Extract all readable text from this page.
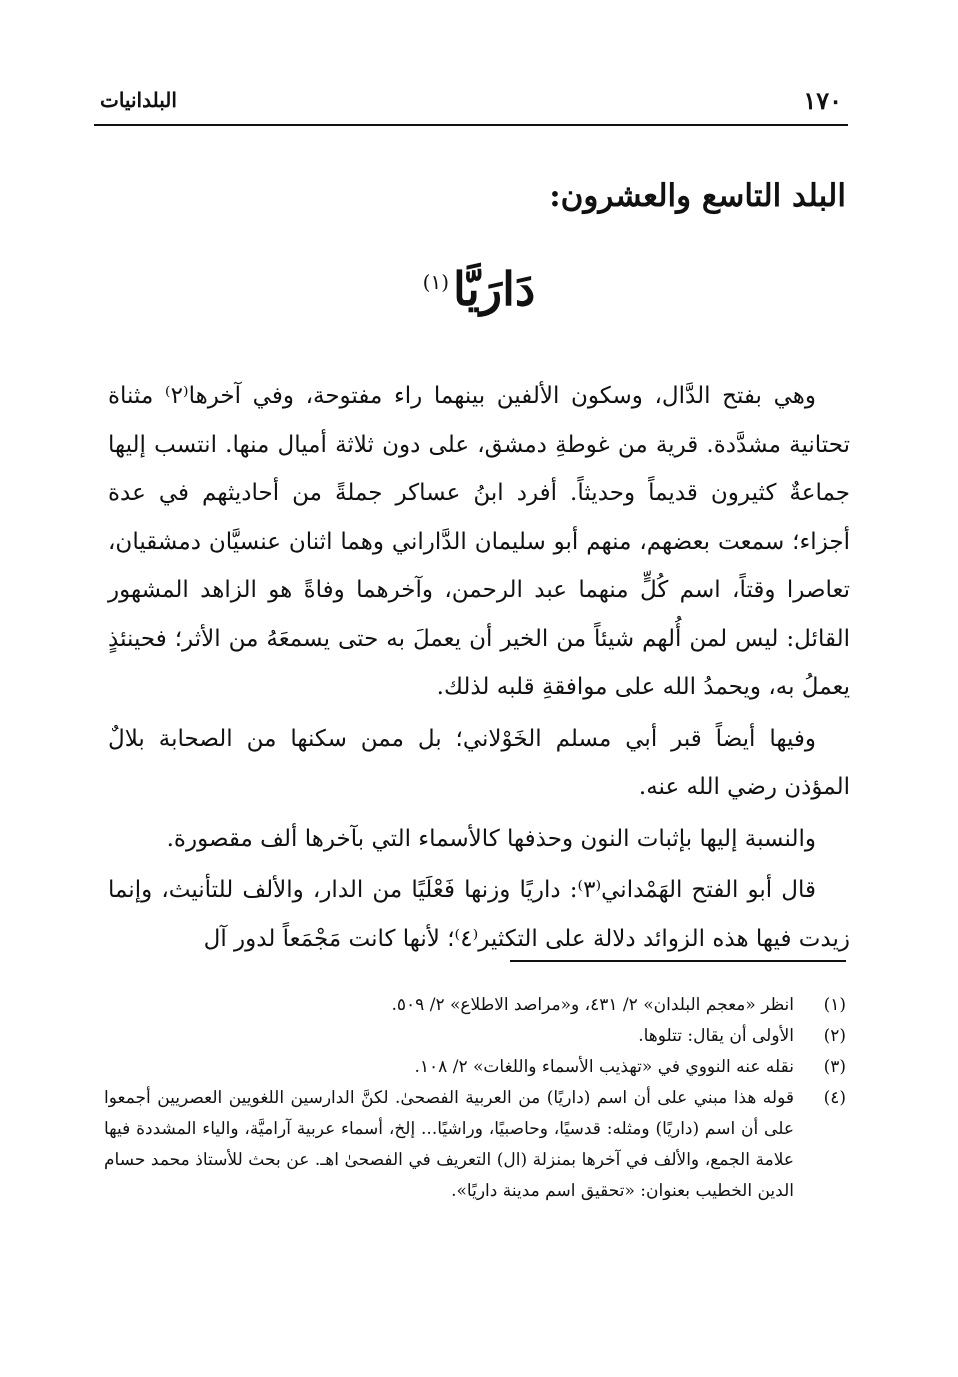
١٧٠
البلدانيات
البلد التاسع والعشرون:
دَارَيَّا$^{(١)}$

وهي بفتح الدَّال، وسكون الألفين بينهما راء مفتوحة، وفي آخرها⁽٢⁾ مثناة تحتانية مشدَّدة. قرية من غوطةِ دمشق، على دون ثلاثة أميال منها. انتسب إليها جماعةٌ كثيرون قديماً وحديثاً. أفرد ابنُ عساكر جملةً من أحاديثهم في عدة أجزاء؛ سمعت بعضهم، منهم أبو سليمان الدَّاراني وهما اثنان عنسيَّان دمشقيان، تعاصرا وقتاً، اسم كُلٍّ منهما عبد الرحمن، وآخرهما وفاةً هو الزاهد المشهور القائل: ليس لمن أُلهم شيئاً من الخير أن يعملَ به حتى يسمعَهُ من الأثر؛ فحينئذٍ يعملُ به، ويحمدُ الله على موافقةِ قلبه لذلك.

وفيها أيضاً قبر أبي مسلم الخَوْلاني؛ بل ممن سكنها من الصحابة بلالٌ المؤذن رضي الله عنه.

والنسبة إليها بإثبات النون وحذفها كالأسماء التي بآخرها ألف مقصورة.

قال أبو الفتح الهَمْداني⁽٣⁾: داريًا وزنها فَعْلَيًا من الدار، والألف للتأنيث، وإنما زيدت فيها هذه الزوائد دلالة على التكثير⁽٤⁾؛ لأنها كانت مَجْمَعاً لدور آل

(١)
انظر «معجم البلدان» ٢/ ٤٣١، و«مراصد الاطلاع» ٢/ ٥٠٩.
(٢)
الأولى أن يقال: تتلوها.
(٣)
نقله عنه النووي في «تهذيب الأسماء واللغات» ٢/ ١٠٨.
(٤)
قوله هذا مبني على أن اسم (داريًا) من العربية الفصحىٰ. لكنَّ الدارسين اللغويين العصريين أجمعوا على أن اسم (داريًا) ومثله: قدسيًا، وحاصبيًا، وراشيًا... إلخ، أسماء عربية آراميَّة، والياء المشددة فيها علامة الجمع، والألف في آخرها بمنزلة (ال) التعريف في الفصحىٰ اهـ. عن بحث للأستاذ محمد حسام الدين الخطيب بعنوان: «تحقيق اسم مدينة داريًا».
